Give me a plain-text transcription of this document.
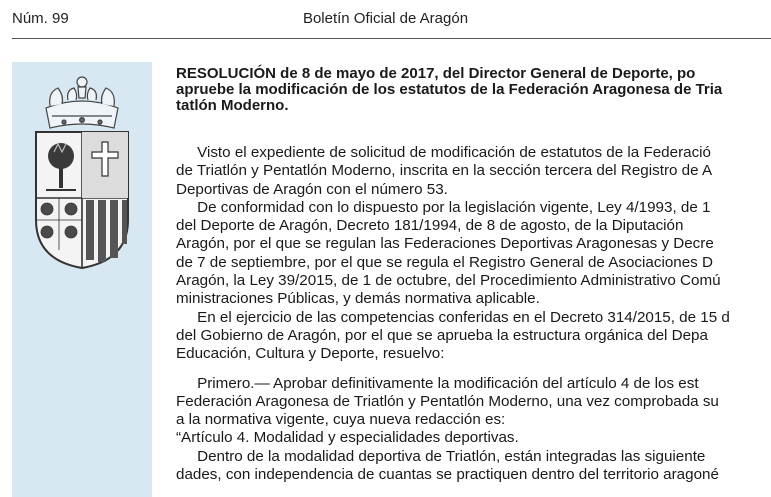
Núm. 99	Boletín Oficial de Aragón
RESOLUCIÓN de 8 de mayo de 2017, del Director General de Deporte, po
apruebe la modificación de los estatutos de la Federación Aragonesa de Tria
tatlón Moderno.
Visto el expediente de solicitud de modificación de estatutos de la Federació
de Triatlón y Pentatlón Moderno, inscrita en la sección tercera del Registro de A
Deportivas de Aragón con el número 53.
De conformidad con lo dispuesto por la legislación vigente, Ley 4/1993, de 1
del Deporte de Aragón, Decreto 181/1994, de 8 de agosto, de la Diputación
Aragón, por el que se regulan las Federaciones Deportivas Aragonesas y Decre
de 7 de septiembre, por el que se regula el Registro General de Asociaciones D
Aragón, la Ley 39/2015, de 1 de octubre, del Procedimiento Administrativo Comú
ministraciones Públicas, y demás normativa aplicable.
En el ejercicio de las competencias conferidas en el Decreto 314/2015, de 15 d
del Gobierno de Aragón, por el que se aprueba la estructura orgánica del Depa
Educación, Cultura y Deporte, resuelvo:
Primero.— Aprobar definitivamente la modificación del artículo 4 de los est
Federación Aragonesa de Triatlón y Pentatlón Moderno, una vez comprobada su
a la normativa vigente, cuya nueva redacción es:
“Artículo 4. Modalidad y especialidades deportivas.
Dentro de la modalidad deportiva de Triatlón, están integradas las siguiente
dades, con independencia de cuantas se practiquen dentro del territorio aragoné
